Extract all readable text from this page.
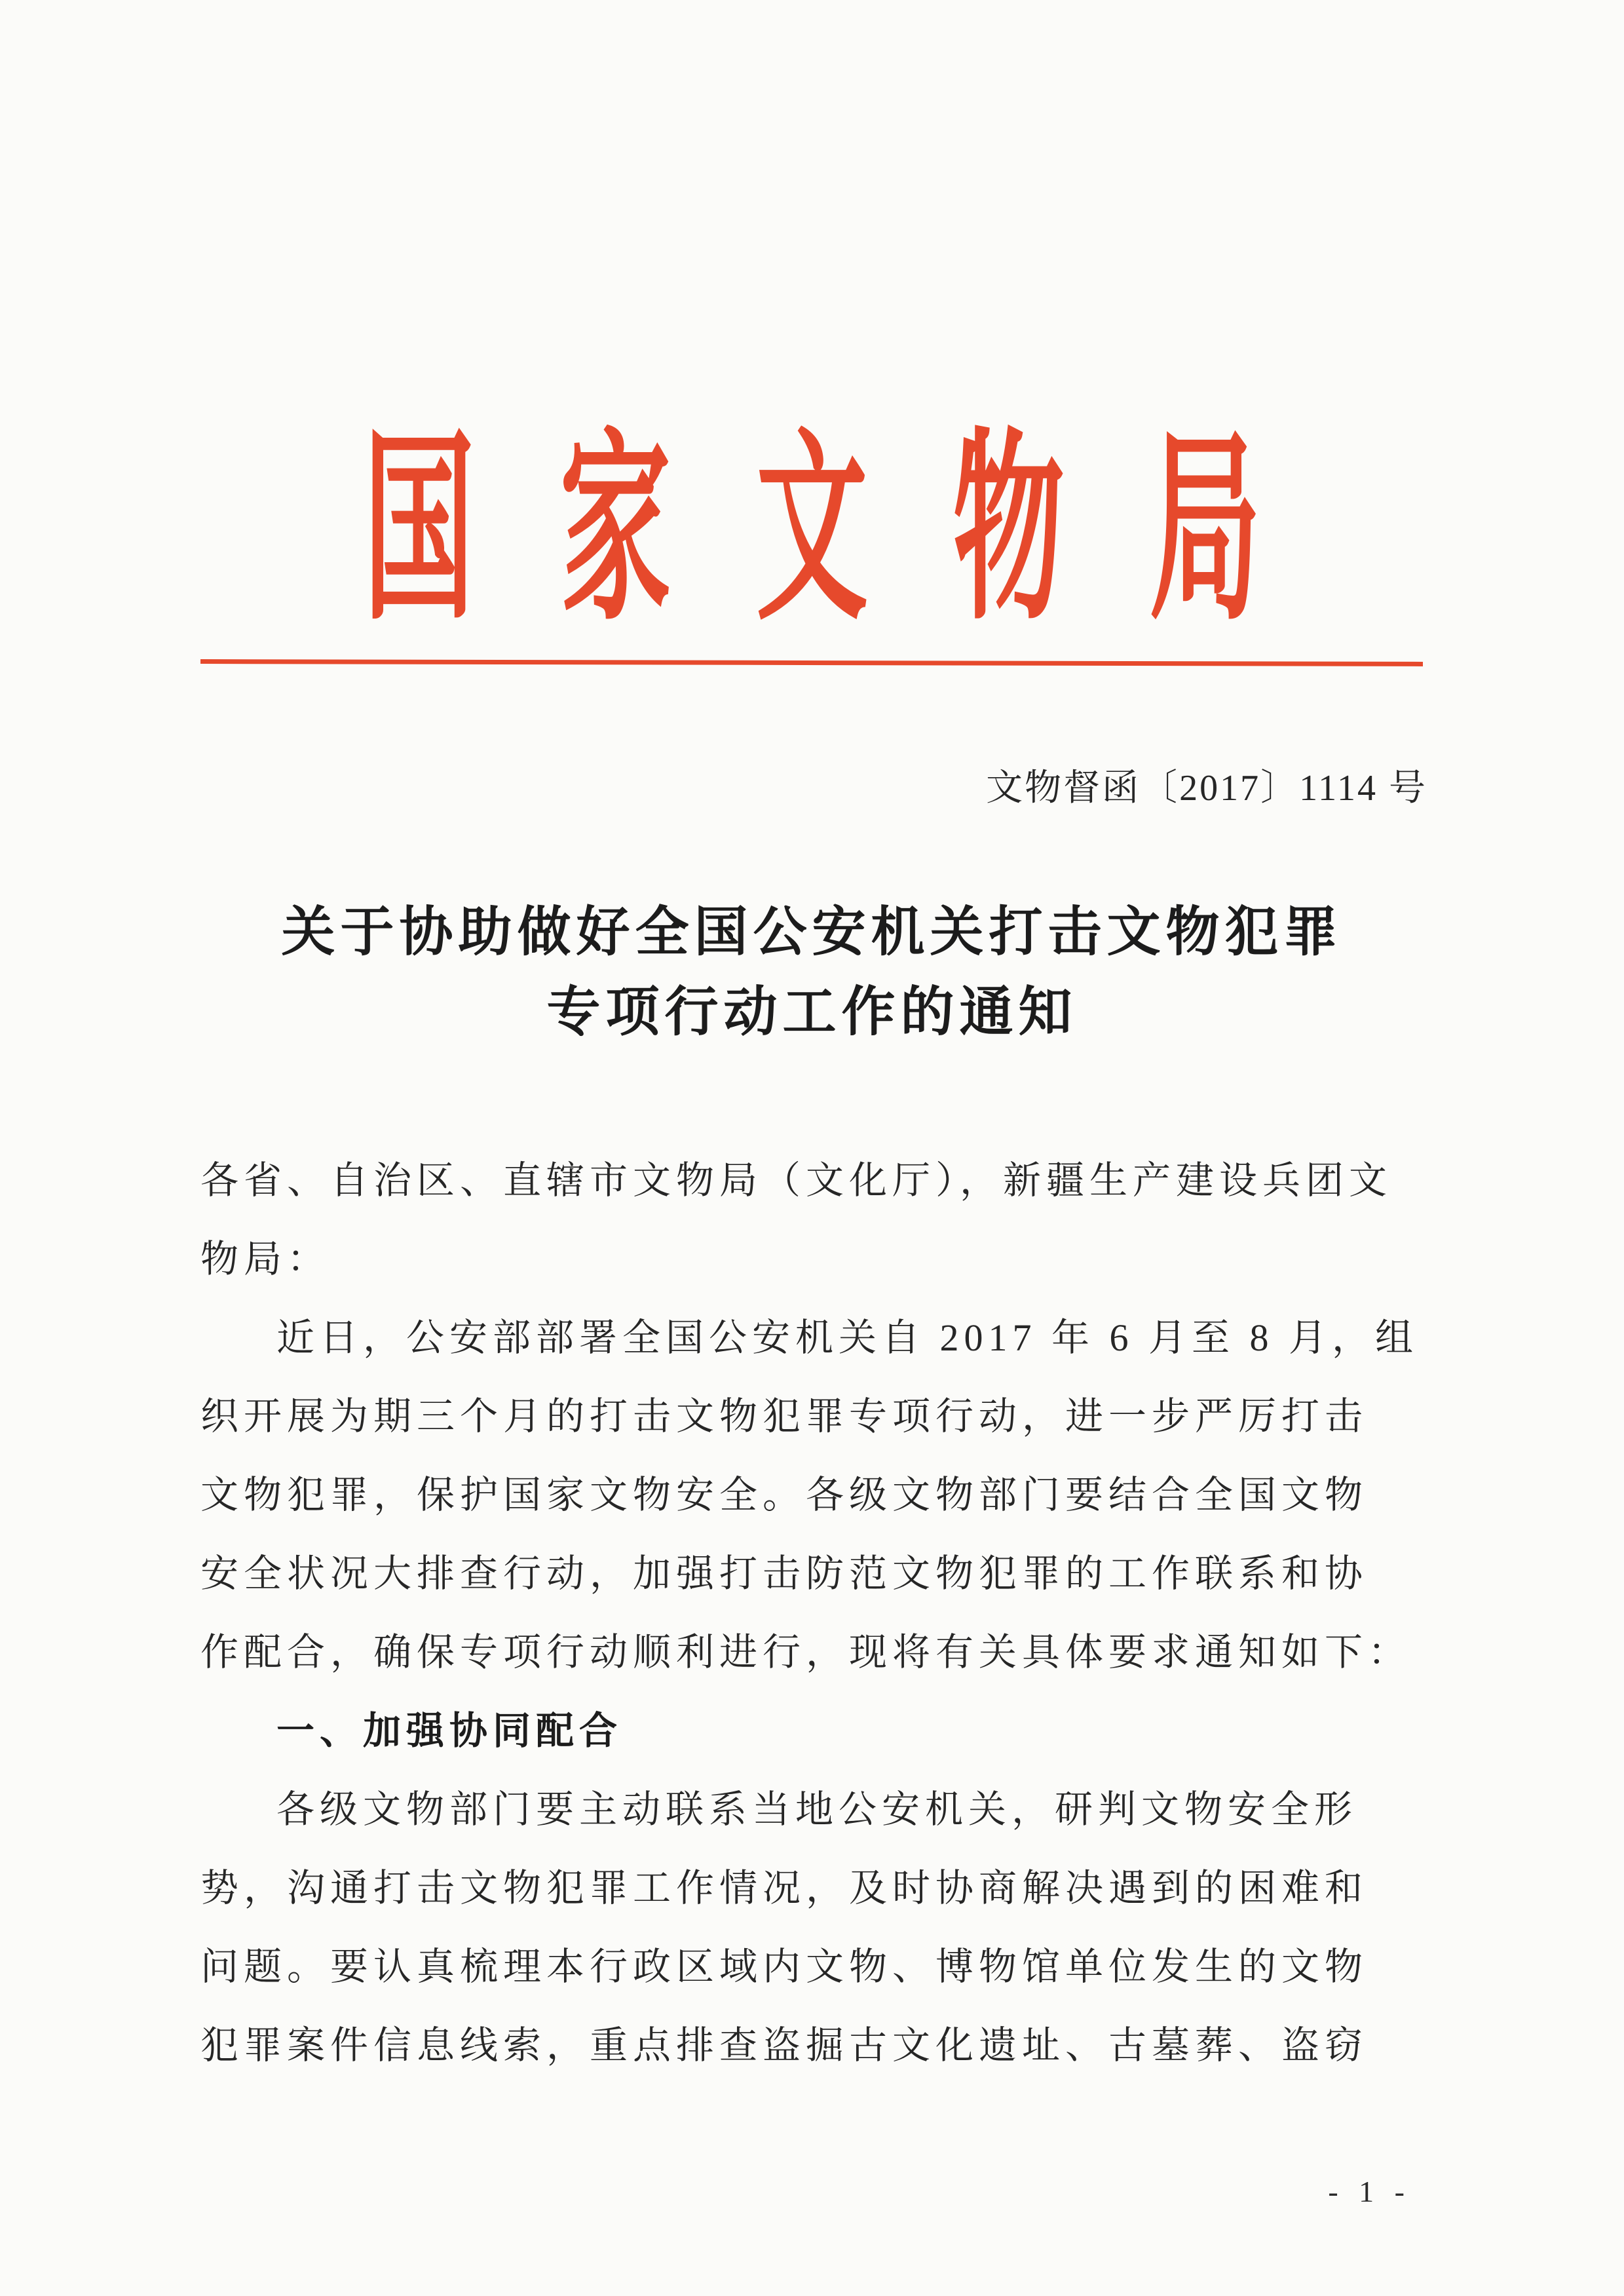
国家文物局
文物督函〔2017〕1114 号
关于协助做好全国公安机关打击文物犯罪
专项行动工作的通知
各省、自治区、直辖市文物局（文化厅），新疆生产建设兵团文
物局：
近日，公安部部署全国公安机关自 2017 年 6 月至 8 月，组
织开展为期三个月的打击文物犯罪专项行动，进一步严厉打击
文物犯罪，保护国家文物安全。各级文物部门要结合全国文物
安全状况大排查行动，加强打击防范文物犯罪的工作联系和协
作配合，确保专项行动顺利进行，现将有关具体要求通知如下：
一、加强协同配合
各级文物部门要主动联系当地公安机关，研判文物安全形
势，沟通打击文物犯罪工作情况，及时协商解决遇到的困难和
问题。要认真梳理本行政区域内文物、博物馆单位发生的文物
犯罪案件信息线索，重点排查盗掘古文化遗址、古墓葬、盗窃
- 1 -
